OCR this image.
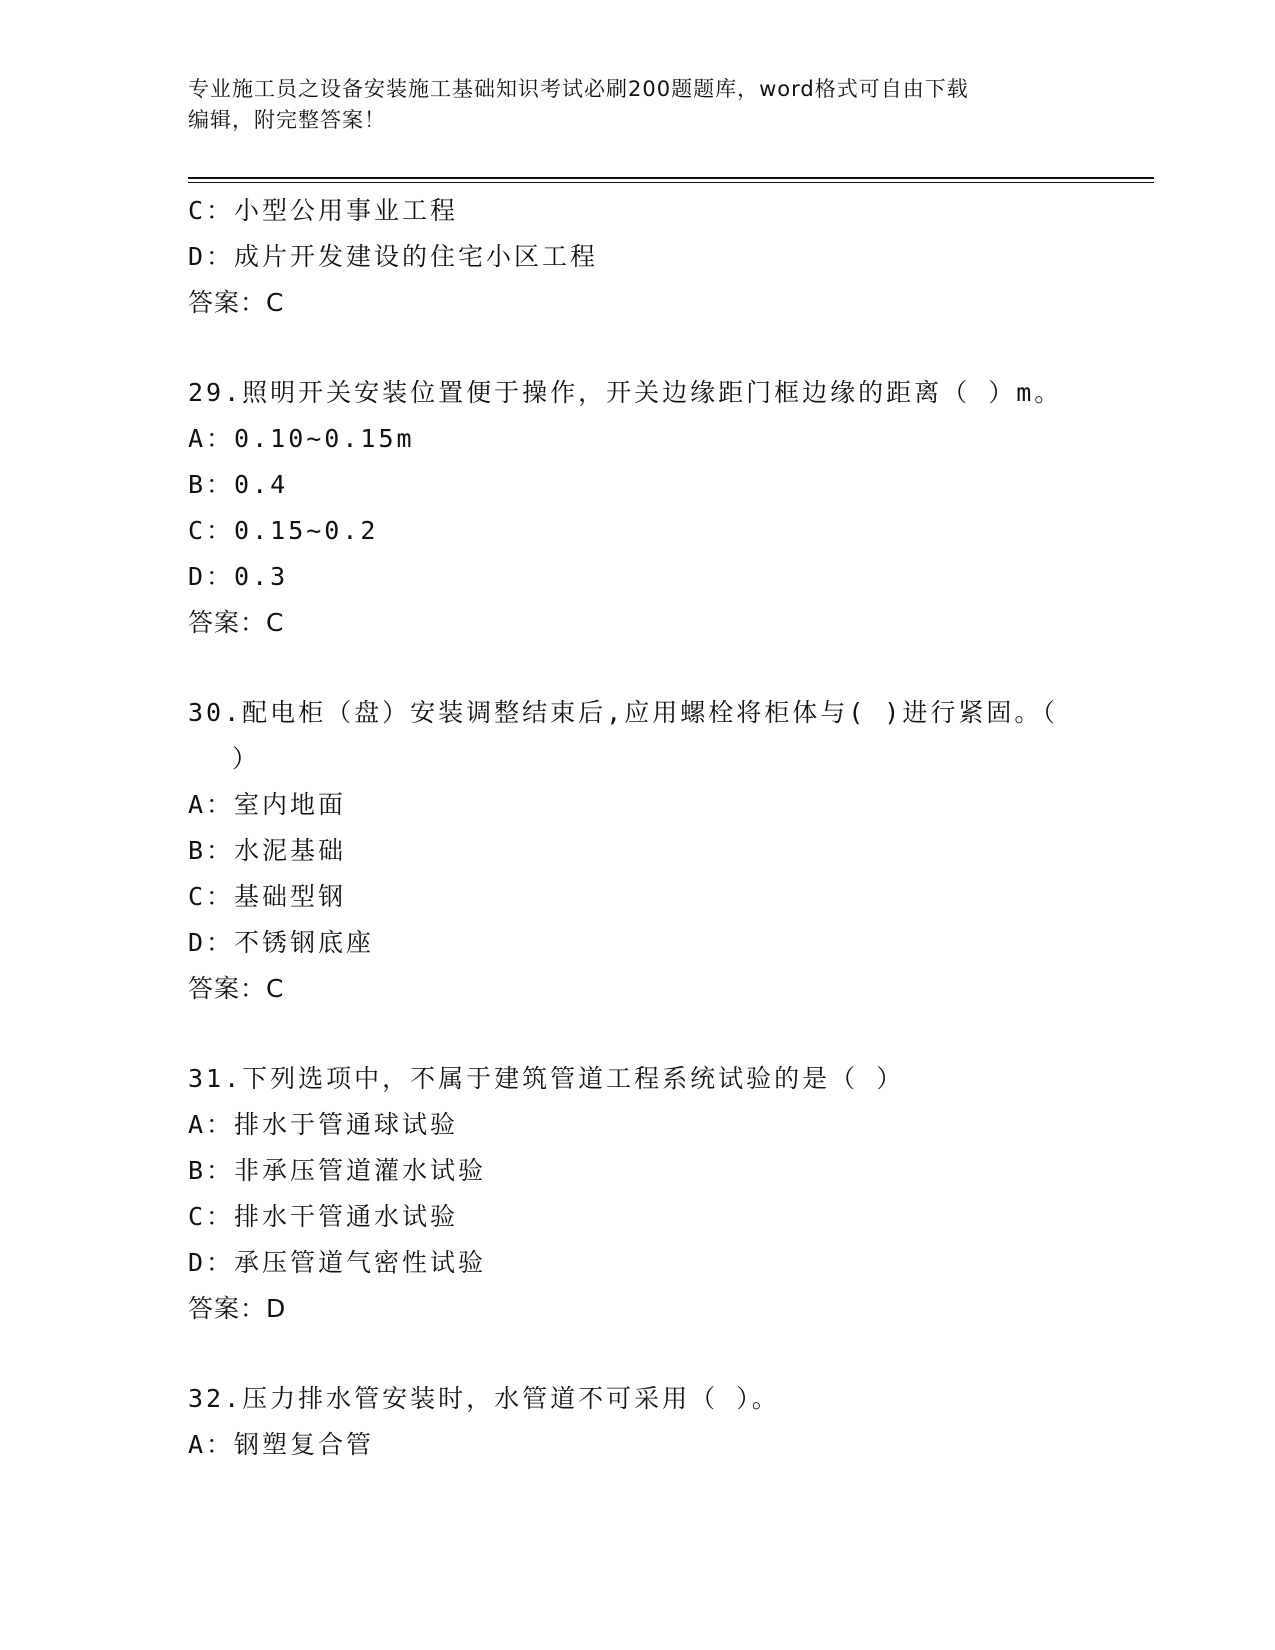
专业施工员之设备安装施工基础知识考试必刷200题题库，word格式可自由下载
编辑，附完整答案！
C：小型公用事业工程
D：成片开发建设的住宅小区工程
答案：C
29.照明开关安装位置便于操作，开关边缘距门框边缘的距离（ ）m。
A：0.10~0.15m
B：0.4
C：0.15~0.2
D：0.3
答案：C
30.配电柜（盘）安装调整结束后,应用螺栓将柜体与( )进行紧固。（
）
A：室内地面
B：水泥基础
C：基础型钢
D：不锈钢底座
答案：C
31.下列选项中，不属于建筑管道工程系统试验的是（ ）
A：排水于管通球试验
B：非承压管道灌水试验
C：排水干管通水试验
D：承压管道气密性试验
答案：D
32.压力排水管安装时，水管道不可采用（ ）。
A：钢塑复合管
